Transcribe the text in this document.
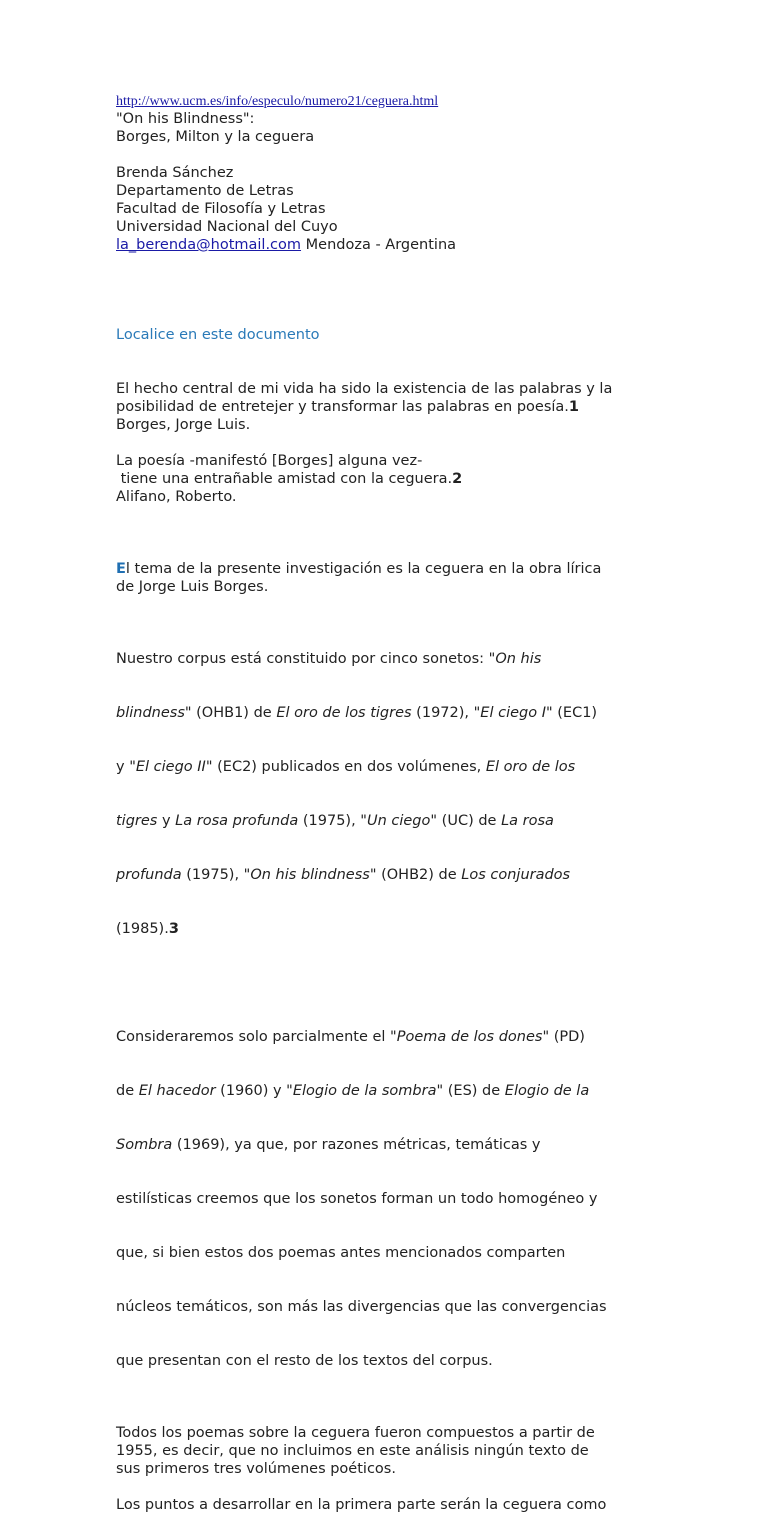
http://www.ucm.es/info/especulo/numero21/ceguera.html
"On his Blindness":
Borges, Milton y la ceguera
Brenda Sánchez
Departamento de Letras
Facultad de Filosofía y Letras
Universidad Nacional del Cuyo
la_berenda@hotmail.com Mendoza - Argentina
Localice en este documento
El hecho central de mi vida ha sido la existencia de las palabras y la
posibilidad de entretejer y transformar las palabras en poesía.1
Borges, Jorge Luis.
La poesía -manifestó [Borges] alguna vez-
tiene una entrañable amistad con la ceguera.2
Alifano, Roberto.
El tema de la presente investigación es la ceguera en la obra lírica
de Jorge Luis Borges.

Nuestro corpus está constituido por cinco sonetos: "On his

blindness" (OHB1) de El oro de los tigres (1972), "El ciego I" (EC1)

y "El ciego II" (EC2) publicados en dos volúmenes, El oro de los

tigres y La rosa profunda (1975), "Un ciego" (UC) de La rosa

profunda (1975), "On his blindness" (OHB2) de Los conjurados

(1985).3

Consideraremos solo parcialmente el "Poema de los dones" (PD)

de El hacedor (1960) y "Elogio de la sombra" (ES) de Elogio de la

Sombra (1969), ya que, por razones métricas, temáticas y

estilísticas creemos que los sonetos forman un todo homogéneo y

que, si bien estos dos poemas antes mencionados comparten

núcleos temáticos, son más las divergencias que las convergencias

que presentan con el resto de los textos del corpus.

Todos los poemas sobre la ceguera fueron compuestos a partir de
1955, es decir, que no incluimos en este análisis ningún texto de
sus primeros tres volúmenes poéticos.
Los puntos a desarrollar en la primera parte serán la ceguera como
